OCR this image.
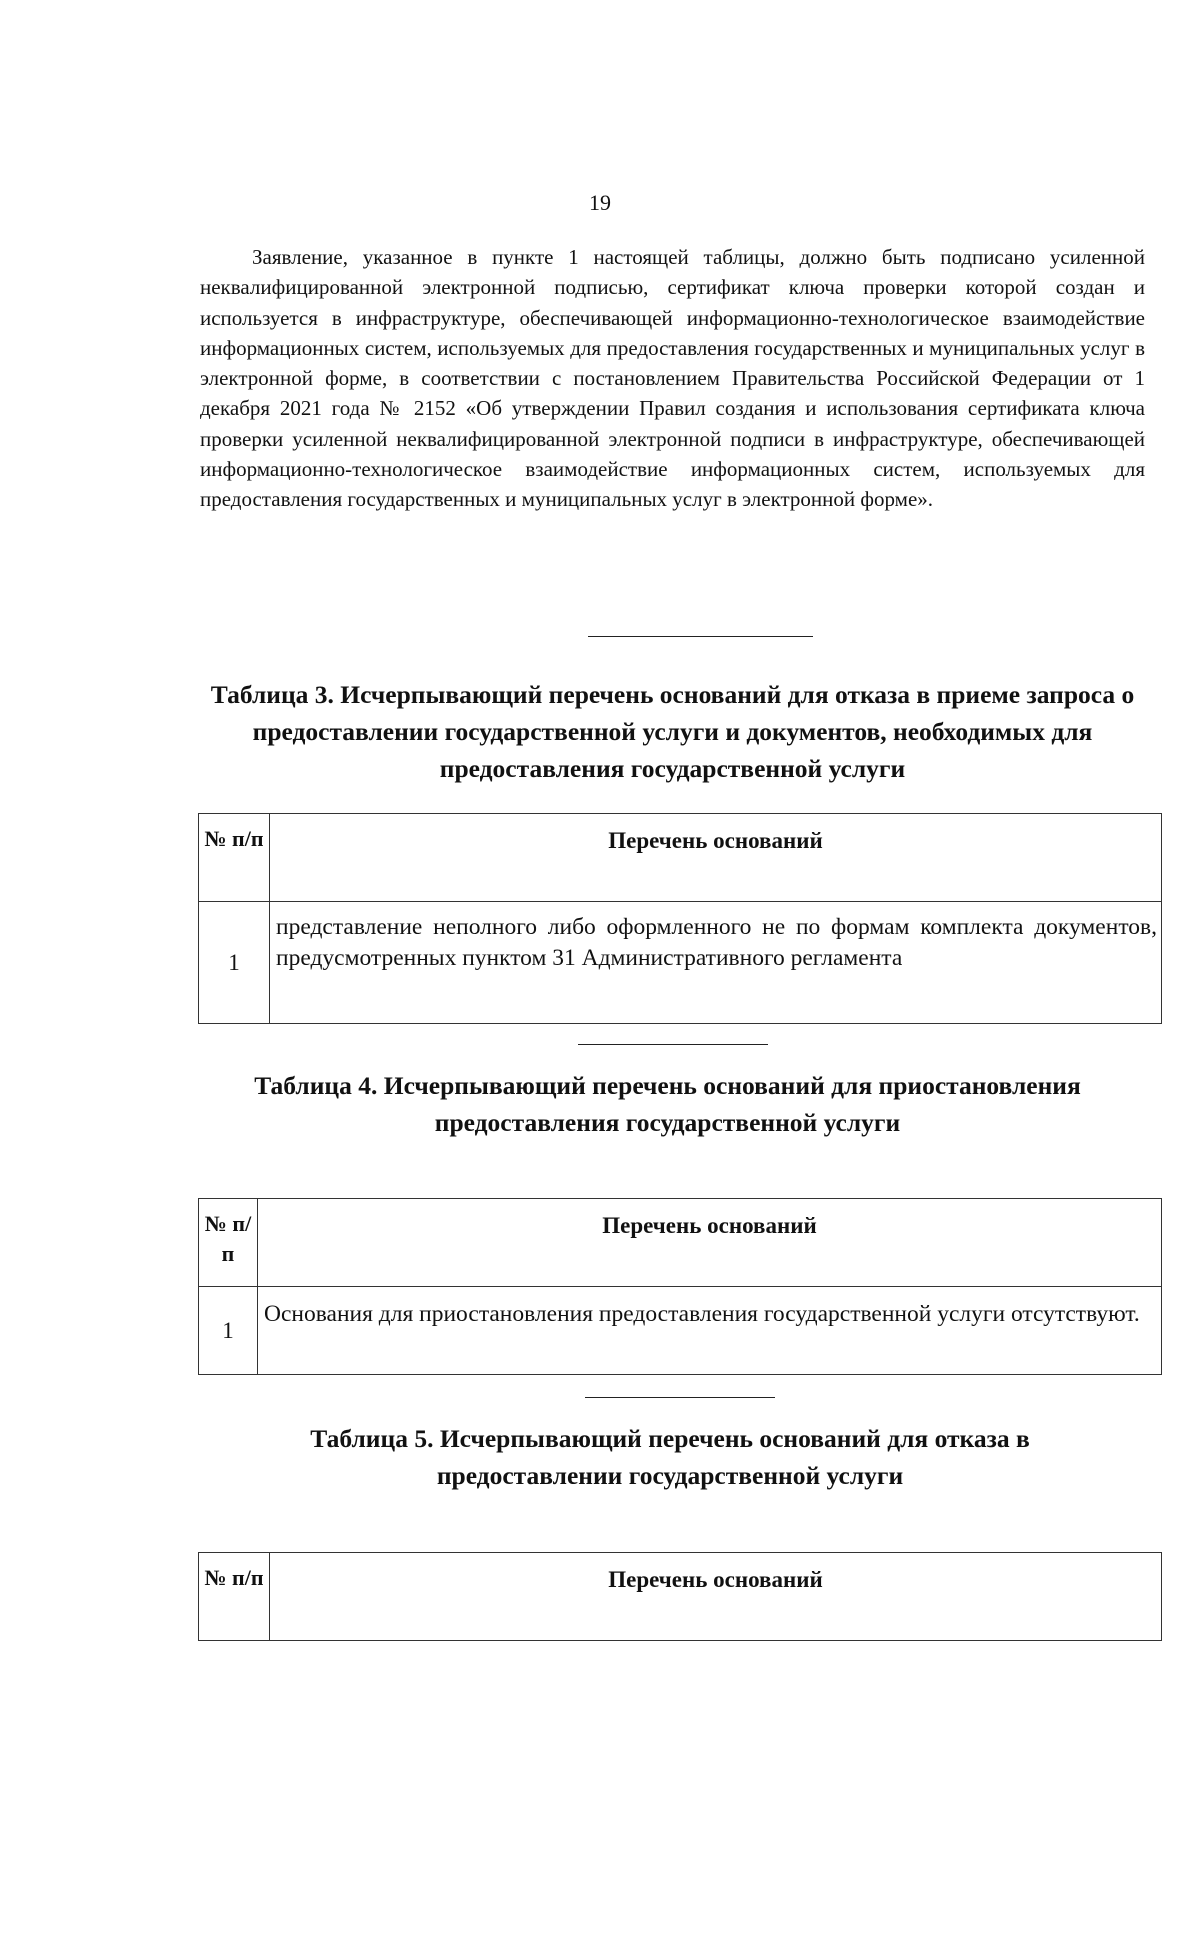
19
Заявление, указанное в пункте 1 настоящей таблицы, должно быть подписано усиленной неквалифицированной электронной подписью, сертификат ключа проверки которой создан и используется в инфраструктуре, обеспечивающей информационно-технологическое взаимодействие информационных систем, используемых для предоставления государственных и муниципальных услуг в электронной форме, в соответствии с постановлением Правительства Российской Федерации от 1 декабря 2021 года № 2152 «Об утверждении Правил создания и использования сертификата ключа проверки усиленной неквалифицированной электронной подписи в инфраструктуре, обеспечивающей информационно-технологическое взаимодействие информационных систем, используемых для предоставления государственных и муниципальных услуг в электронной форме».
Таблица 3. Исчерпывающий перечень оснований для отказа в приеме запроса о предоставлении государственной услуги и документов, необходимых для предоставления государственной услуги
№ п/п	Перечень оснований
1	представление неполного либо оформленного не по формам комплекта документов, предусмотренных пунктом 31 Административного регламента
Таблица 4. Исчерпывающий перечень оснований для приостановления предоставления государственной услуги
№ п/п	Перечень оснований
1	Основания для приостановления предоставления государственной услуги отсутствуют.
Таблица 5. Исчерпывающий перечень оснований для отказа в предоставлении государственной услуги
№ п/п	Перечень оснований
